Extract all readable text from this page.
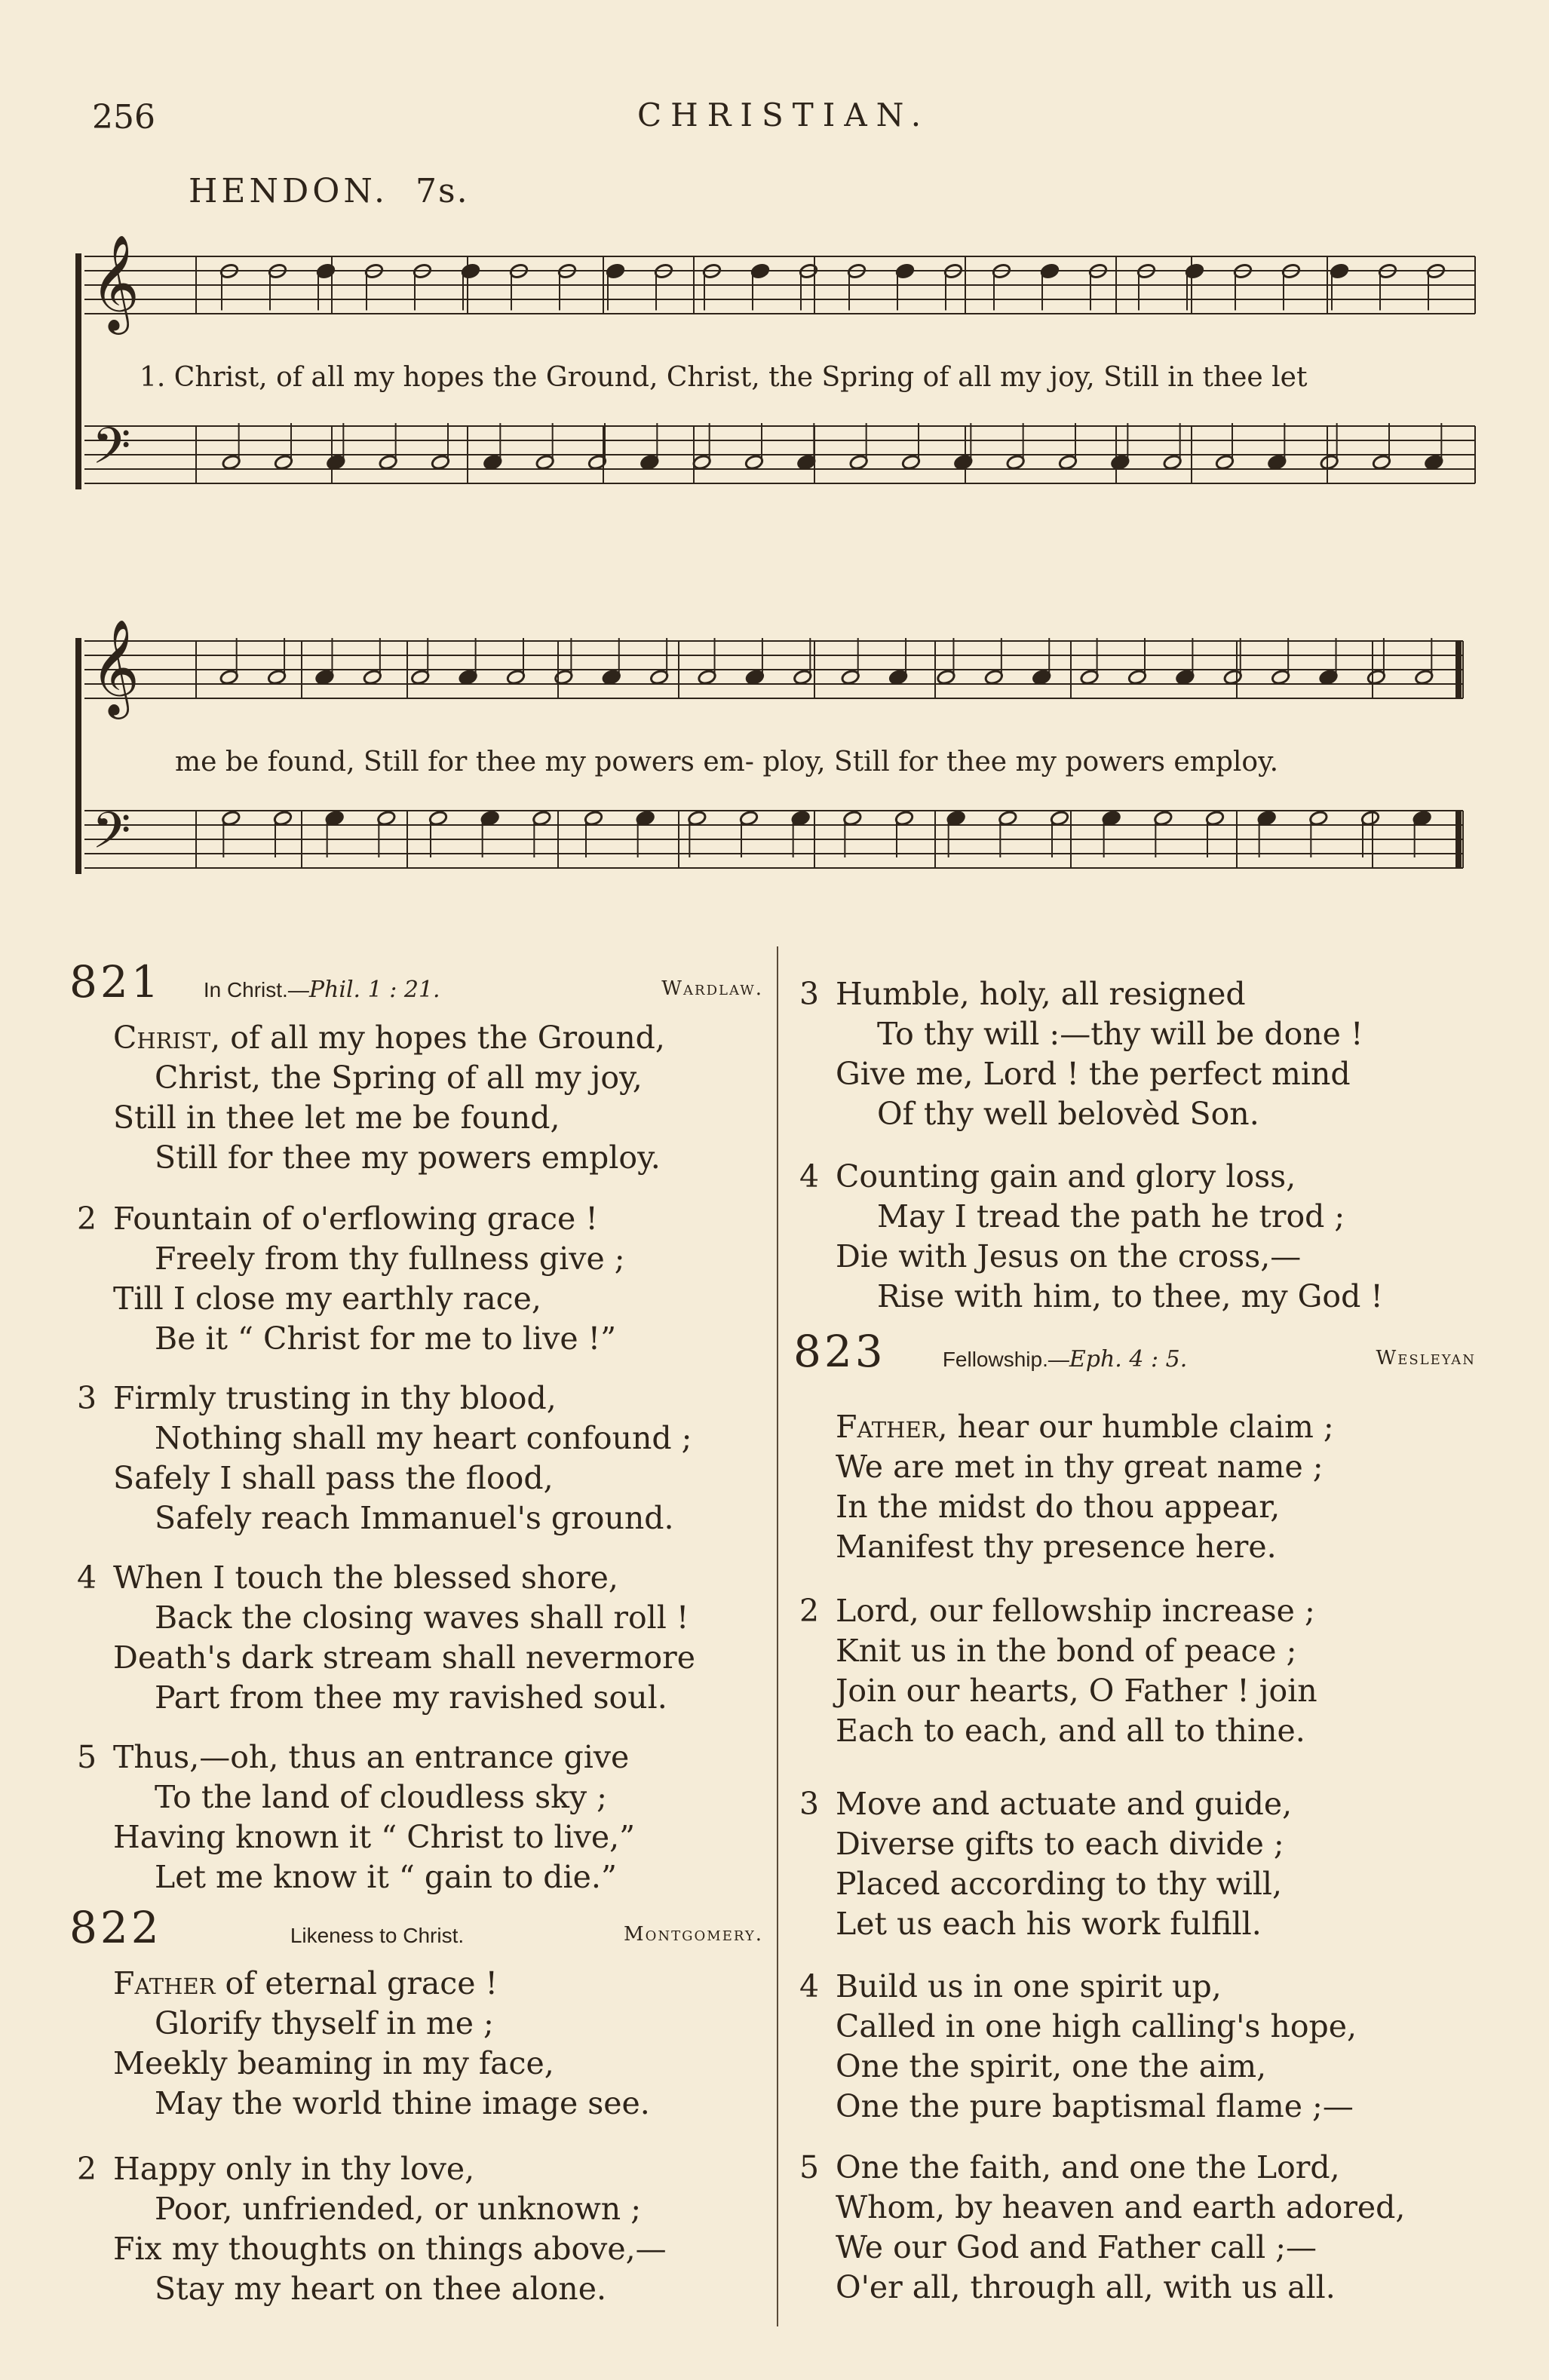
256	CHRISTIAN.
HENDON. 7s.
𝄞
𝄢
1. Christ, of all my hopes the Ground, Christ, the Spring of all my joy, Still in thee let
𝄞
𝄢
me be found, Still for thee my powers em- ploy, Still for thee my powers employ.
821 In Christ.—Phil. 1 : 21.	Wardlaw.
Christ, of all my hopes the Ground,
Christ, the Spring of all my joy,
Still in thee let me be found,
Still for thee my powers employ.
2 Fountain of o'erflowing grace !
Freely from thy fullness give ;
Till I close my earthly race,
Be it “ Christ for me to live !”
3 Firmly trusting in thy blood,
Nothing shall my heart confound ;
Safely I shall pass the flood,
Safely reach Immanuel's ground.
4 When I touch the blessed shore,
Back the closing waves shall roll !
Death's dark stream shall nevermore
Part from thee my ravished soul.
5 Thus,—oh, thus an entrance give
To the land of cloudless sky ;
Having known it “ Christ to live,”
Let me know it “ gain to die.”
822	Likeness to Christ.	Montgomery.
Father of eternal grace !
Glorify thyself in me ;
Meekly beaming in my face,
May the world thine image see.
2 Happy only in thy love,
Poor, unfriended, or unknown ;
Fix my thoughts on things above,—
Stay my heart on thee alone.
3 Humble, holy, all resigned
To thy will :—thy will be done !
Give me, Lord ! the perfect mind
Of thy well belovèd Son.
4 Counting gain and glory loss,
May I tread the path he trod ;
Die with Jesus on the cross,—
Rise with him, to thee, my God !
823	Fellowship.—Eph. 4 : 5.	Wesleyan
Father, hear our humble claim ;
We are met in thy great name ;
In the midst do thou appear,
Manifest thy presence here.
2 Lord, our fellowship increase ;
Knit us in the bond of peace ;
Join our hearts, O Father ! join
Each to each, and all to thine.
3 Move and actuate and guide,
Diverse gifts to each divide ;
Placed according to thy will,
Let us each his work fulfill.
4 Build us in one spirit up,
Called in one high calling's hope,
One the spirit, one the aim,
One the pure baptismal flame ;—
5 One the faith, and one the Lord,
Whom, by heaven and earth adored,
We our God and Father call ;—
O'er all, through all, with us all.
